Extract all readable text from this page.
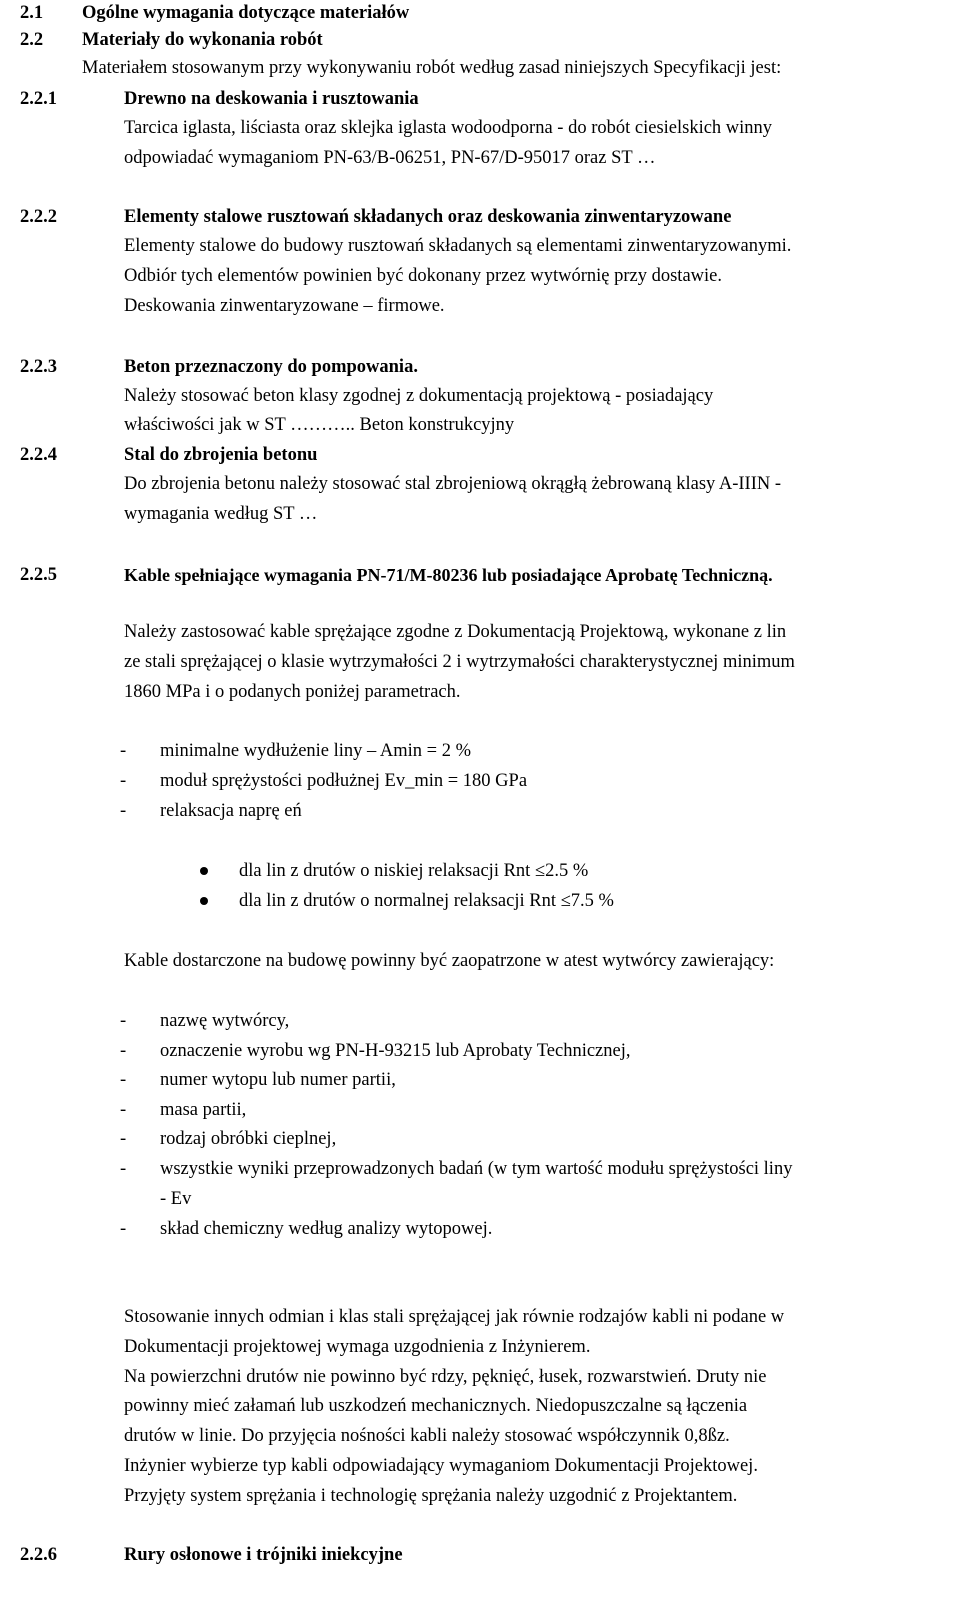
2.1 Ogólne wymagania dotyczące materiałów
2.2 Materiały do wykonania robót
Materiałem stosowanym przy wykonywaniu robót według zasad niniejszych Specyfikacji jest:
2.2.1	Drewno na deskowania i rusztowania
Tarcica iglasta, liściasta oraz sklejka iglasta wodoodporna - do robót ciesielskich winny
odpowiadać wymaganiom PN-63/B-06251, PN-67/D-95017 oraz ST …
2.2.2	Elementy stalowe rusztowań składanych oraz deskowania zinwentaryzowane
Elementy stalowe do budowy rusztowań składanych są elementami zinwentaryzowanymi.
Odbiór tych elementów powinien być dokonany przez wytwórnię przy dostawie.
Deskowania zinwentaryzowane – firmowe.
2.2.3	Beton przeznaczony do pompowania.
Należy stosować beton klasy zgodnej z dokumentacją projektową - posiadający
właściwości jak w ST ……….. Beton konstrukcyjny
2.2.4	Stal do zbrojenia betonu
Do zbrojenia betonu należy stosować stal zbrojeniową okrągłą żebrowaną klasy A-IIIN -
wymagania według ST …
2.2.5	Kable spełniające wymagania PN-71/M-80236 lub posiadające Aprobatę Techniczną.
Należy zastosować kable sprężające zgodne z Dokumentacją Projektową, wykonane z lin
ze stali sprężającej o klasie wytrzymałości 2 i wytrzymałości charakterystycznej minimum
1860 MPa i o podanych poniżej parametrach.
- minimalne wydłużenie liny – Amin = 2 %
- moduł sprężystości podłużnej Ev_min = 180 GPa
- relaksacja naprę eń
dla lin z drutów o niskiej relaksacji Rnt ≤2.5 %
dla lin z drutów o normalnej relaksacji Rnt ≤7.5 %
Kable dostarczone na budowę powinny być zaopatrzone w atest wytwórcy zawierający:
- nazwę wytwórcy,
- oznaczenie wyrobu wg PN-H-93215 lub Aprobaty Technicznej,
- numer wytopu lub numer partii,
- masa partii,
- rodzaj obróbki cieplnej,
- wszystkie wyniki przeprowadzonych badań (w tym wartość modułu sprężystości liny
- Ev
- skład chemiczny według analizy wytopowej.
Stosowanie innych odmian i klas stali sprężającej jak równie rodzajów kabli ni podane w
Dokumentacji projektowej wymaga uzgodnienia z Inżynierem.
Na powierzchni drutów nie powinno być rdzy, pęknięć, łusek, rozwarstwień. Druty nie
powinny mieć załamań lub uszkodzeń mechanicznych. Niedopuszczalne są łączenia
drutów w linie. Do przyjęcia nośności kabli należy stosować współczynnik 0,8ßz.
Inżynier wybierze typ kabli odpowiadający wymaganiom Dokumentacji Projektowej.
Przyjęty system sprężania i technologię sprężania należy uzgodnić z Projektantem.
2.2.6	Rury osłonowe i trójniki iniekcyjne
